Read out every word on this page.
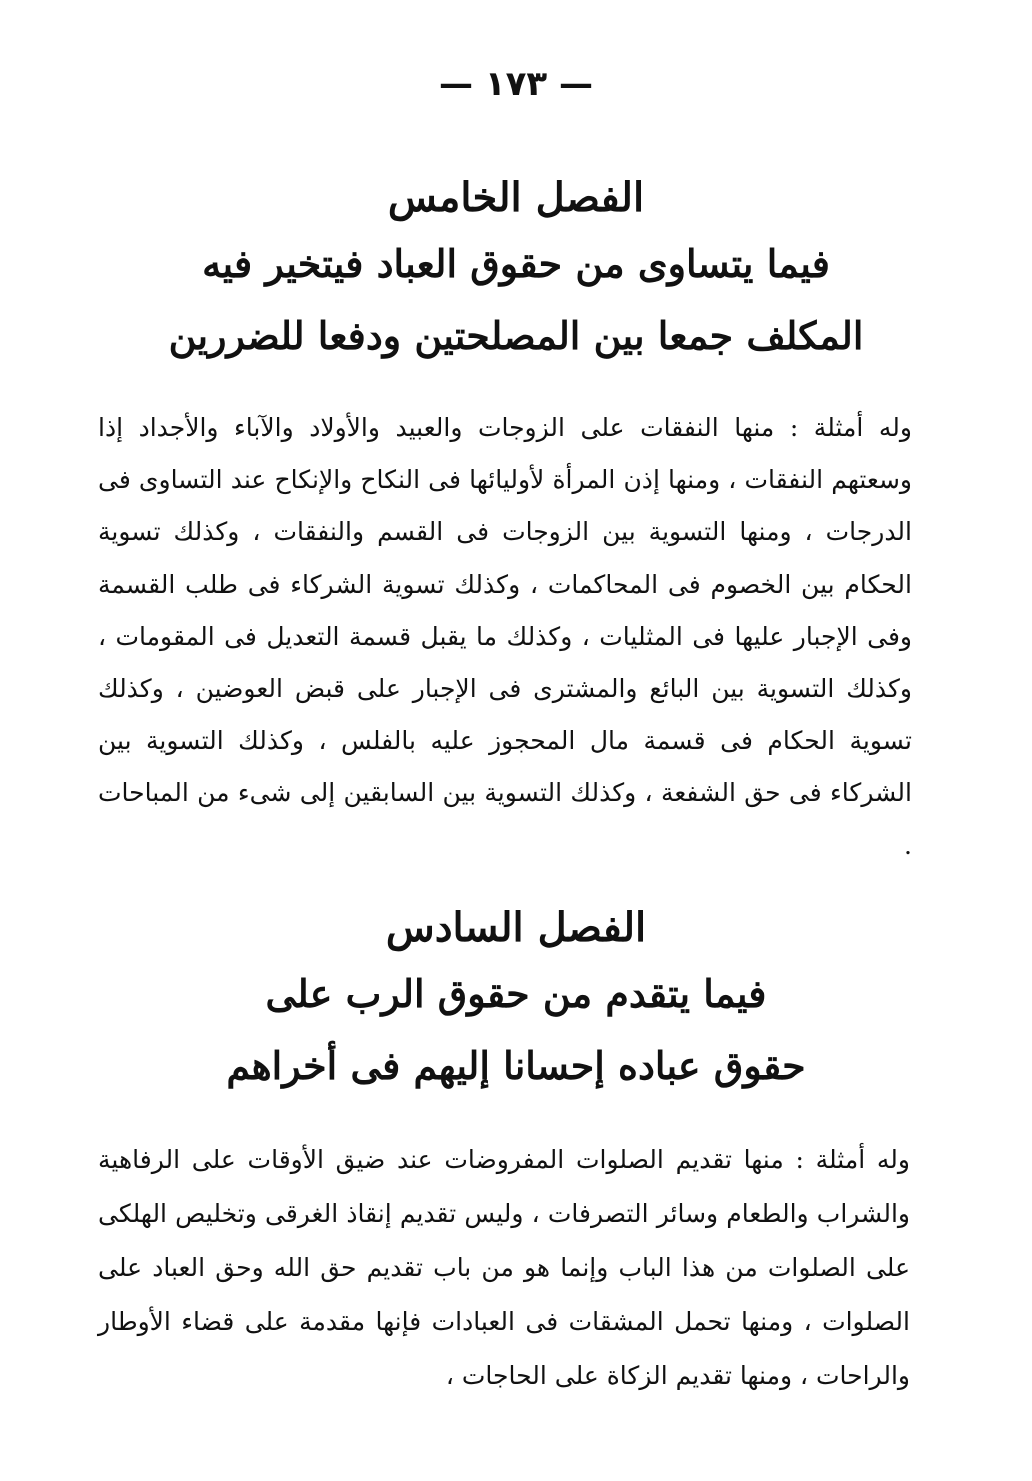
— ١٧٣ —
الفصل الخامس
فيما يتساوى من حقوق العباد فيتخير فيه
المكلف جمعا بين المصلحتين ودفعا للضررين

وله أمثلة : منها النفقات على الزوجات والعبيد والأولاد والآباء والأجداد إذا وسعتهم النفقات ، ومنها إذن المرأة لأوليائها فى النكاح والإنكاح عند التساوى فى الدرجات ، ومنها التسوية بين الزوجات فى القسم والنفقات ، وكذلك تسوية الحكام بين الخصوم فى المحاكمات ، وكذلك تسوية الشركاء فى طلب القسمة وفى الإجبار عليها فى المثليات ، وكذلك ما يقبل قسمة التعديل فى المقومات ، وكذلك التسوية بين البائع والمشترى فى الإجبار على قبض العوضين ، وكذلك تسوية الحكام فى قسمة مال المحجوز عليه بالفلس ، وكذلك التسوية بين الشركاء فى حق الشفعة ، وكذلك التسوية بين السابقين إلى شىء من المباحات .

الفصل السادس
فيما يتقدم من حقوق الرب على
حقوق عباده إحسانا إليهم فى أخراهم

وله أمثلة : منها تقديم الصلوات المفروضات عند ضيق الأوقات على الرفاهية والشراب والطعام وسائر التصرفات ، وليس تقديم إنقاذ الغرقى وتخليص الهلكى على الصلوات من هذا الباب وإنما هو من باب تقديم حق الله وحق العباد على الصلوات ، ومنها تحمل المشقات فى العبادات فإنها مقدمة على قضاء الأوطار والراحات ، ومنها تقديم الزكاة على الحاجات ،
